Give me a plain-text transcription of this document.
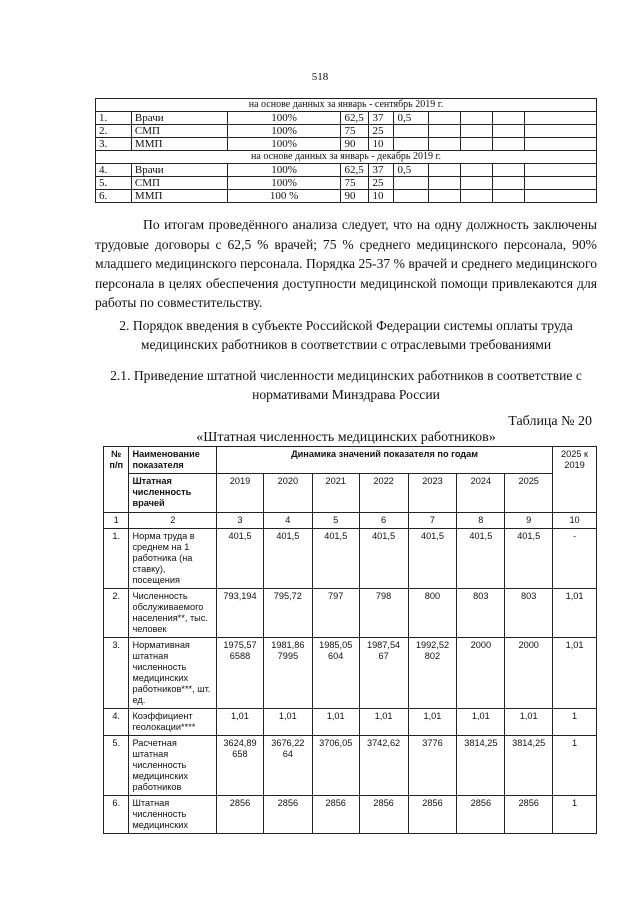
518
на основе данных за январь - сентябрь 2019 г.									
1.	Врачи	100%	62,5	37	0,5				
2.	СМП	100%	75	25					
3.	ММП	100%	90	10					
на основе данных за январь - декабрь 2019 г.									
4.	Врачи	100%	62,5	37	0,5				
5.	СМП	100%	75	25					
6.	ММП	100 %	90	10					

По итогам проведённого анализа следует, что на одну должность заключены трудовые договоры с 62,5 % врачей; 75 % среднего медицинского персонала, 90% младшего медицинского персонала. Порядка 25-37 % врачей и среднего медицинского персонала в целях обеспечения доступности медицинской помощи привлекаются для работы по совместительству.

2. Порядок введения в субъекте Российской Федерации системы оплаты труда медицинских работников в соответствии с отраслевыми требованиями

2.1. Приведение штатной численности медицинских работников в соответствие с нормативами Минздрава России

Таблица № 20

«Штатная численность медицинских работников»

№ п/п	Наименование показателя	Динамика значений показателя по годам							2025 к 2019
	Штатная численность врачей	2019	2020	2021	2022	2023	2024	2025	
1	2	3	4	5	6	7	8	9	10
1.	Норма труда в среднем на 1 работника (на ставку), посещения	401,5	401,5	401,5	401,5	401,5	401,5	401,5	-
2.	Численность обслуживаемого населения**, тыс. человек	793,194	795,72	797	798	800	803	803	1,01
3.	Нормативная штатная численность медицинских работников***, шт. ед.	1975,57 6588	1981,86 7995	1985,05 604	1987,54 67	1992,52 802	2000	2000	1,01
4.	Коэффициент геолокации****	1,01	1,01	1,01	1,01	1,01	1,01	1,01	1
5.	Расчетная штатная численность медицинских работников	3624,89 658	3676,22 64	3706,05	3742,62	3776	3814,25	3814,25	1
6.	Штатная численность медицинских	2856	2856	2856	2856	2856	2856	2856	1
